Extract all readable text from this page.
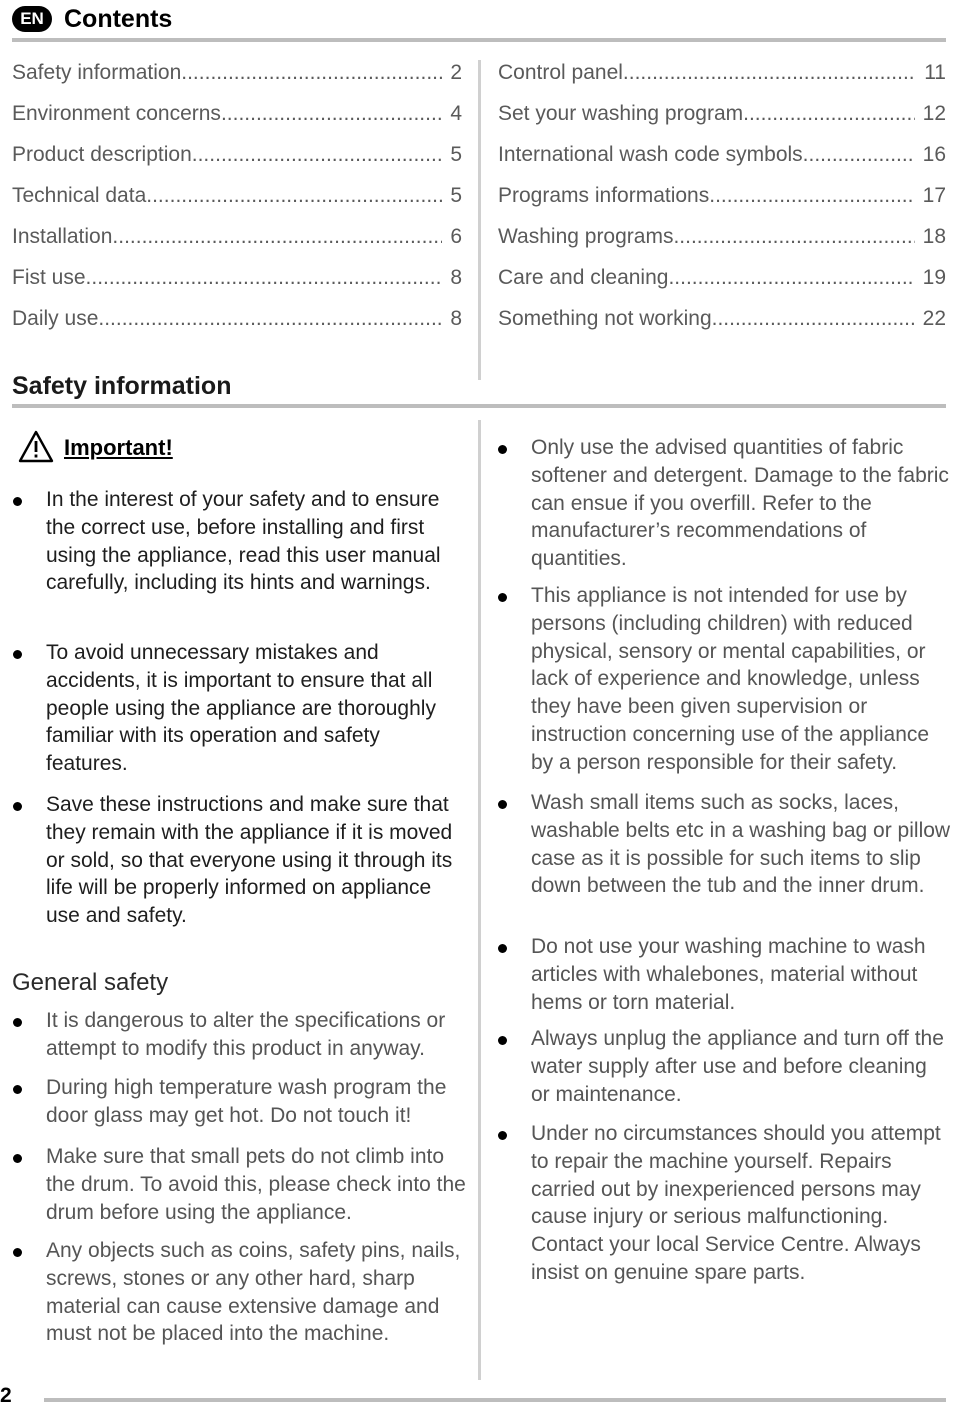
EN Contents
Safety information .....	2
Environment concerns .....	4
Product description .....	5
Technical data .....	5
Installation .....	6
Fist use .....	8
Daily use .....	8
Control panel .....	11
Set your washing program .....	12
International wash code symbols .....	16
Programs informations .....	17
Washing programs .....	18
Care and cleaning .....	19
Something not working .....	22
Safety information
Important!
In the interest of your safety and to ensure the correct use, before installing and first using the appliance, read this user manual carefully, including its hints and warnings.
To avoid unnecessary mistakes and accidents, it is important to ensure that all people using the appliance are thoroughly familiar with its operation and safety features.
Save these instructions and make sure that they remain with the appliance if it is moved or sold, so that everyone using it through its life will be properly informed on appliance use and safety.
General safety
It is dangerous to alter the specifications or attempt to modify this product in anyway.
During high temperature wash program the door glass may get hot. Do not touch it!
Make sure that small pets do not climb into the drum. To avoid this, please check into the drum before using the appliance.
Any objects such as coins, safety pins, nails, screws, stones or any other hard, sharp material can cause extensive damage and must not be placed into the machine.
Only use the advised quantities of fabric softener and detergent. Damage to the fabric can ensue if you overfill. Refer to the manufacturer’s recommendations of quantities.
This appliance is not intended for use by persons (including children) with reduced physical, sensory or mental capabilities, or lack of experience and knowledge, unless they have been given supervision or instruction concerning use of the appliance by a person responsible for their safety.
Wash small items such as socks, laces, washable belts etc in a washing bag or pillow case as it is possible for such items to slip down between the tub and the inner drum.
Do not use your washing machine to wash articles with whalebones, material without hems or torn material.
Always unplug the appliance and turn off the water supply after use and before cleaning or maintenance.
Under no circumstances should you attempt to repair the machine yourself. Repairs carried out by inexperienced persons may cause injury or serious malfunctioning. Contact your local Service Centre. Always insist on genuine spare parts.
2
